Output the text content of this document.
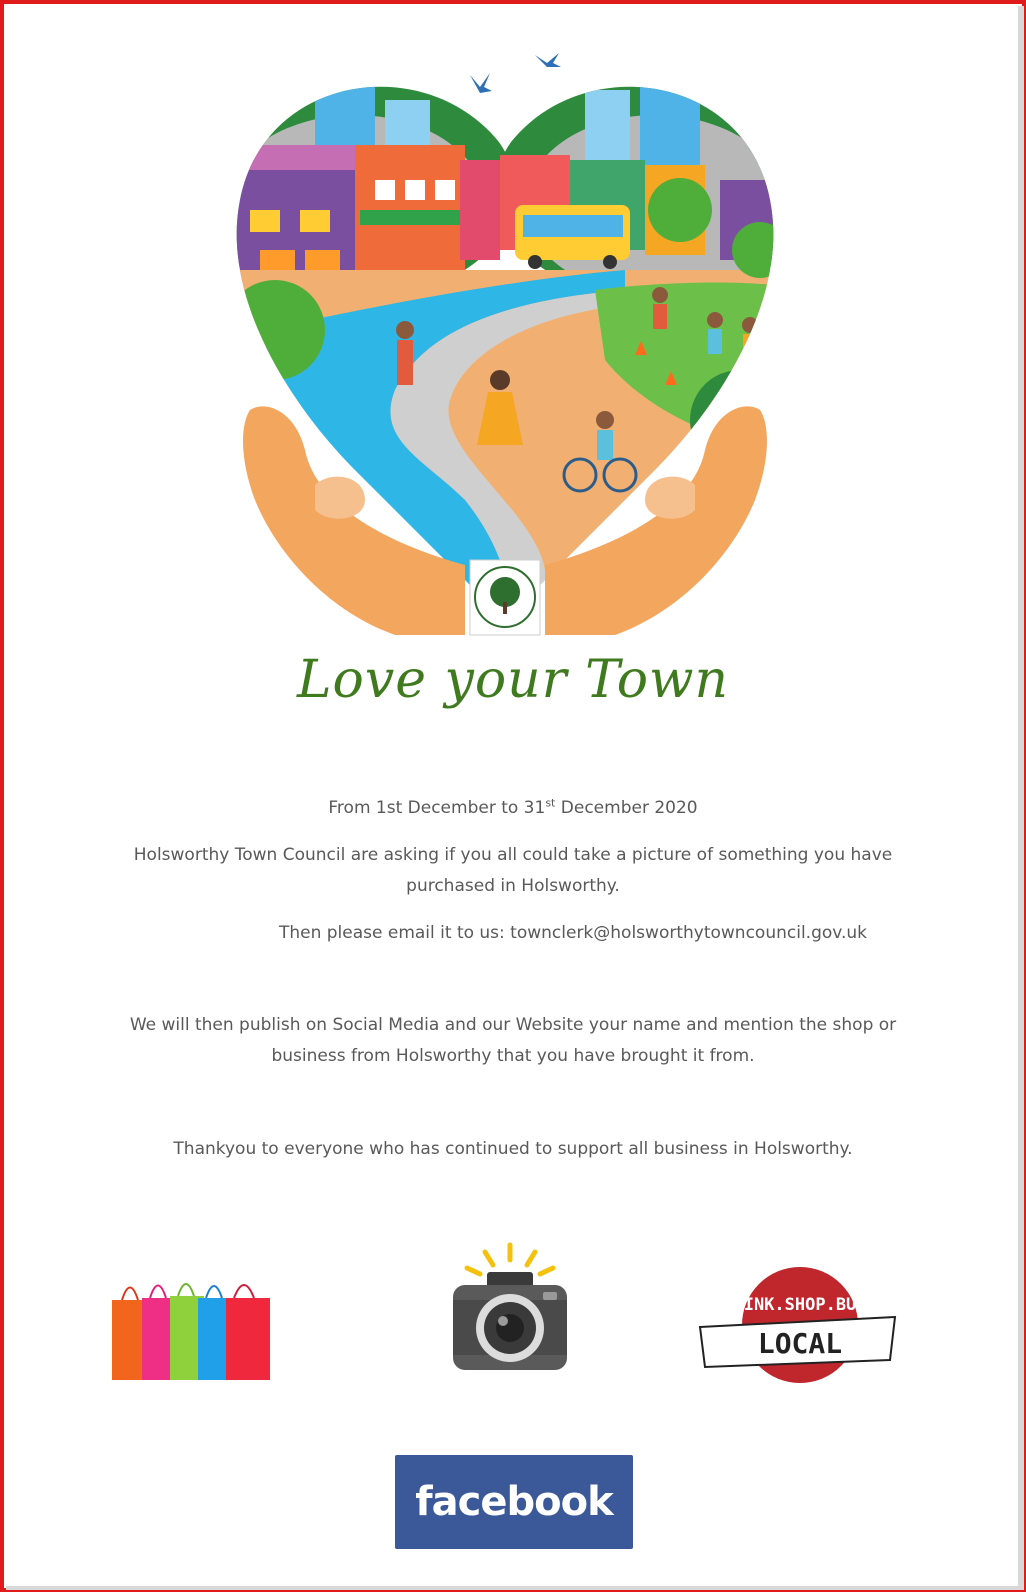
Love your Town
From 1st December to 31st December 2020
Holsworthy Town Council are asking if you all could take a picture of something you have purchased in Holsworthy.
Then please email it to us: townclerk@holsworthytowncouncil.gov.uk
We will then publish on Social Media and our Website your name and mention the shop or business from Holsworthy that you have brought it from.
Thankyou to everyone who has continued to support all business in Holsworthy.
THINK.SHOP.BUY.
LOCAL
facebook
